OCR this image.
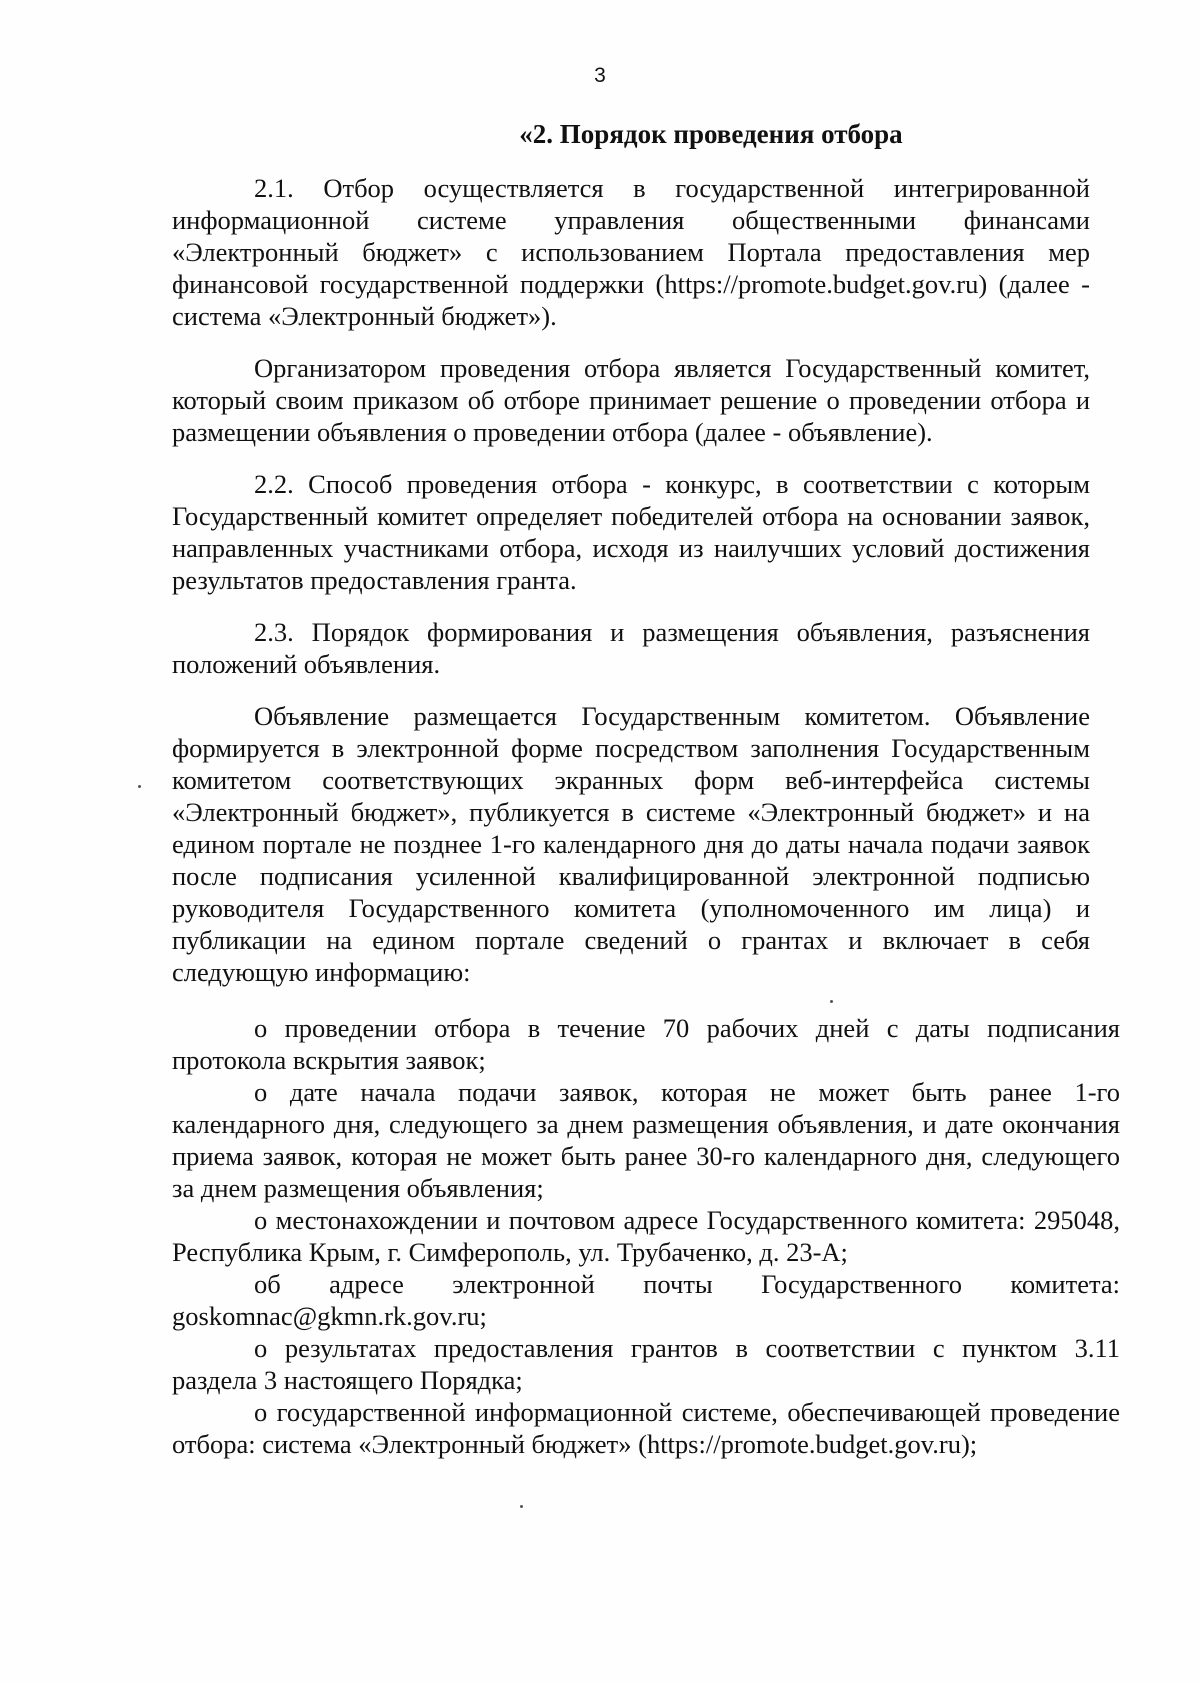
3
«2. Порядок проведения отбора

2.1. Отбор осуществляется в государственной интегрированной информационной системе управления общественными финансами «Электронный бюджет» с использованием Портала предоставления мер финансовой государственной поддержки (https://promote.budget.gov.ru) (далее - система «Электронный бюджет»).

Организатором проведения отбора является Государственный комитет, который своим приказом об отборе принимает решение о проведении отбора и размещении объявления о проведении отбора (далее - объявление).

2.2. Способ проведения отбора - конкурс, в соответствии с которым Государственный комитет определяет победителей отбора на основании заявок, направленных участниками отбора, исходя из наилучших условий достижения результатов предоставления гранта.

2.3. Порядок формирования и размещения объявления, разъяснения положений объявления.

Объявление размещается Государственным комитетом. Объявление формируется в электронной форме посредством заполнения Государственным комитетом соответствующих экранных форм веб-интерфейса системы «Электронный бюджет», публикуется в системе «Электронный бюджет» и на едином портале не позднее 1-го календарного дня до даты начала подачи заявок после подписания усиленной квалифицированной электронной подписью руководителя Государственного комитета (уполномоченного им лица) и публикации на едином портале сведений о грантах и включает в себя следующую информацию:

о проведении отбора в течение 70 рабочих дней с даты подписания протокола вскрытия заявок;

о дате начала подачи заявок, которая не может быть ранее 1-го календарного дня, следующего за днем размещения объявления, и дате окончания приема заявок, которая не может быть ранее 30-го календарного дня, следующего за днем размещения объявления;

о местонахождении и почтовом адресе Государственного комитета: 295048, Республика Крым, г. Симферополь, ул. Трубаченко, д. 23-А;

об адресе электронной почты Государственного комитета: goskomnac@gkmn.rk.gov.ru;

о результатах предоставления грантов в соответствии с пунктом 3.11 раздела 3 настоящего Порядка;

о государственной информационной системе, обеспечивающей проведение отбора: система «Электронный бюджет» (https://promote.budget.gov.ru);
